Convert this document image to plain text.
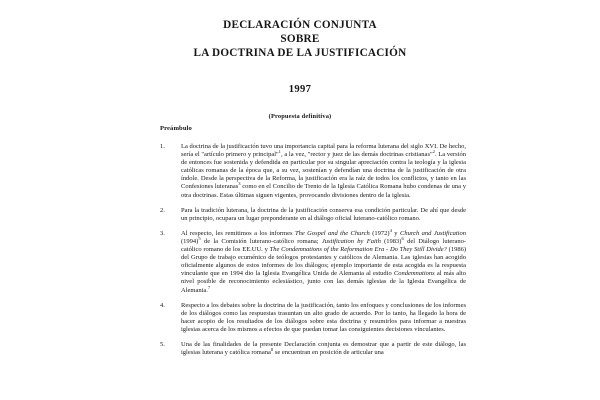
DECLARACIÓN CONJUNTA
SOBRE
LA DOCTRINA DE LA JUSTIFICACIÓN
1997
(Propuesta definitiva)
Preámbulo
1.	La doctrina de la justificación tuvo una importancia capital para la reforma luterana del siglo XVI. De hecho, sería el "artículo primero y principal"$^1$, a la vez, "rector y juez de las demás doctrinas cristianas"$^2$. La versión de entonces fue sostenida y defendida en particular por su singular apreciación contra la teología y la iglesia católicas romanas de la época que, a su vez, sostenían y defendían una doctrina de la justificación de otra índole. Desde la perspectiva de la Reforma, la justificación era la raíz de todos los conflictos, y tanto en las Confesiones luteranas$^3$ como en el Concilio de Trento de la Iglesia Católica Romana hubo condenas de una y otra doctrinas. Estas últimas siguen vigentes, provocando divisiones dentro de la iglesia.
2.	Para la tradición luterana, la doctrina de la justificación conserva esa condición particular. De ahí que desde un principio, ocupara un lugar preponderante en al diálogo oficial luterano-católico romano.
3.	Al respecto, les remitimos a los informes The Gospel and the Church $(1972)^4$ y Church and Justification $(1994)^5$ de la Comisión luterano-católico romana; Justification by Faith $(1983)^6$ del Diálogo luterano-católico romano de los EE.UU. y The Condemnations of the Reformation Era - Do They Still Divide? (1986) del Grupo de trabajo ecuménico de teólogos protestantes y católicos de Alemania. Las iglesias han acogido oficialmente algunos de estos informes de los diálogos; ejemplo importante de esta acogida es la respuesta vinculante que en 1994 dio la Iglesia Evangélica Unida de Alemania al estudio Condemnations al más alto nivel posible de reconocimiento eclesiástico, junto con las demás iglesias de la Iglesia Evangélica de Alemania.$^7$
4.	Respecto a los debates sobre la doctrina de la justificación, tanto los enfoques y conclusiones de los informes de los diálogos como las respuestas trasuntan un alto grado de acuerdo. Por lo tanto, ha llegado la hora de hacer acopio de los resultados de los diálogos sobre esta doctrina y resumirlos para informar a nuestras iglesias acerca de los mismos a efectos de que puedan tomar las consiguientes decisiones vinculantes.
5.	Una de las finalidades de la presente Declaración conjunta es demostrar que a partir de este diálogo, las iglesias luterana y católica romana$^8$ se encuentran en posición de articular una
